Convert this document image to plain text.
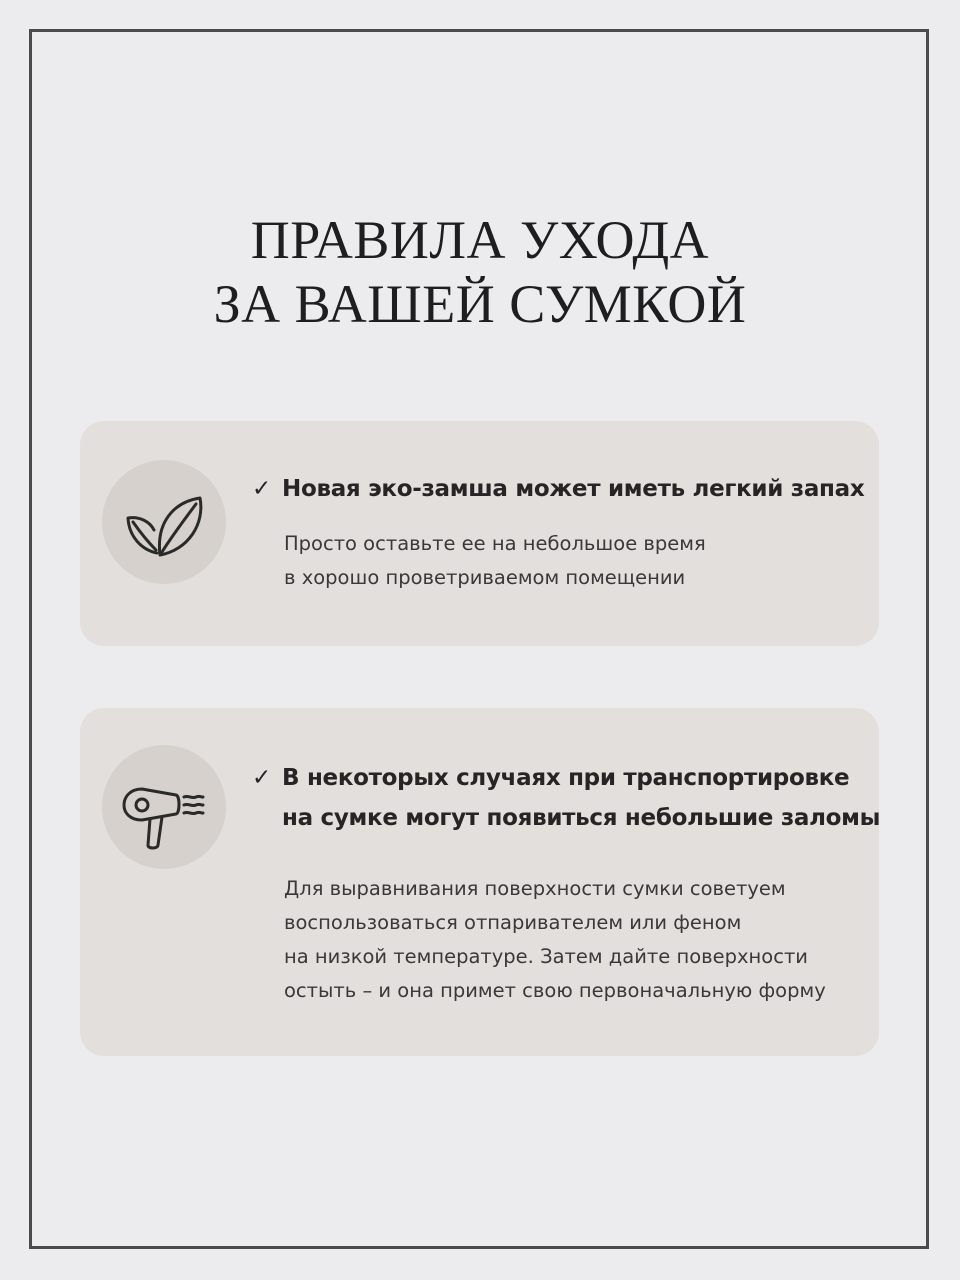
ПРАВИЛА УХОДА
ЗА ВАШЕЙ СУМКОЙ
✓ Новая эко-замша может иметь легкий запах
Просто оставьте ее на небольшое время
в хорошо проветриваемом помещении
✓ В некоторых случаях при транспортировке
на сумке могут появиться небольшие заломы
Для выравнивания поверхности сумки советуем
воспользоваться отпаривателем или феном
на низкой температуре. Затем дайте поверхности
остыть – и она примет свою первоначальную форму
